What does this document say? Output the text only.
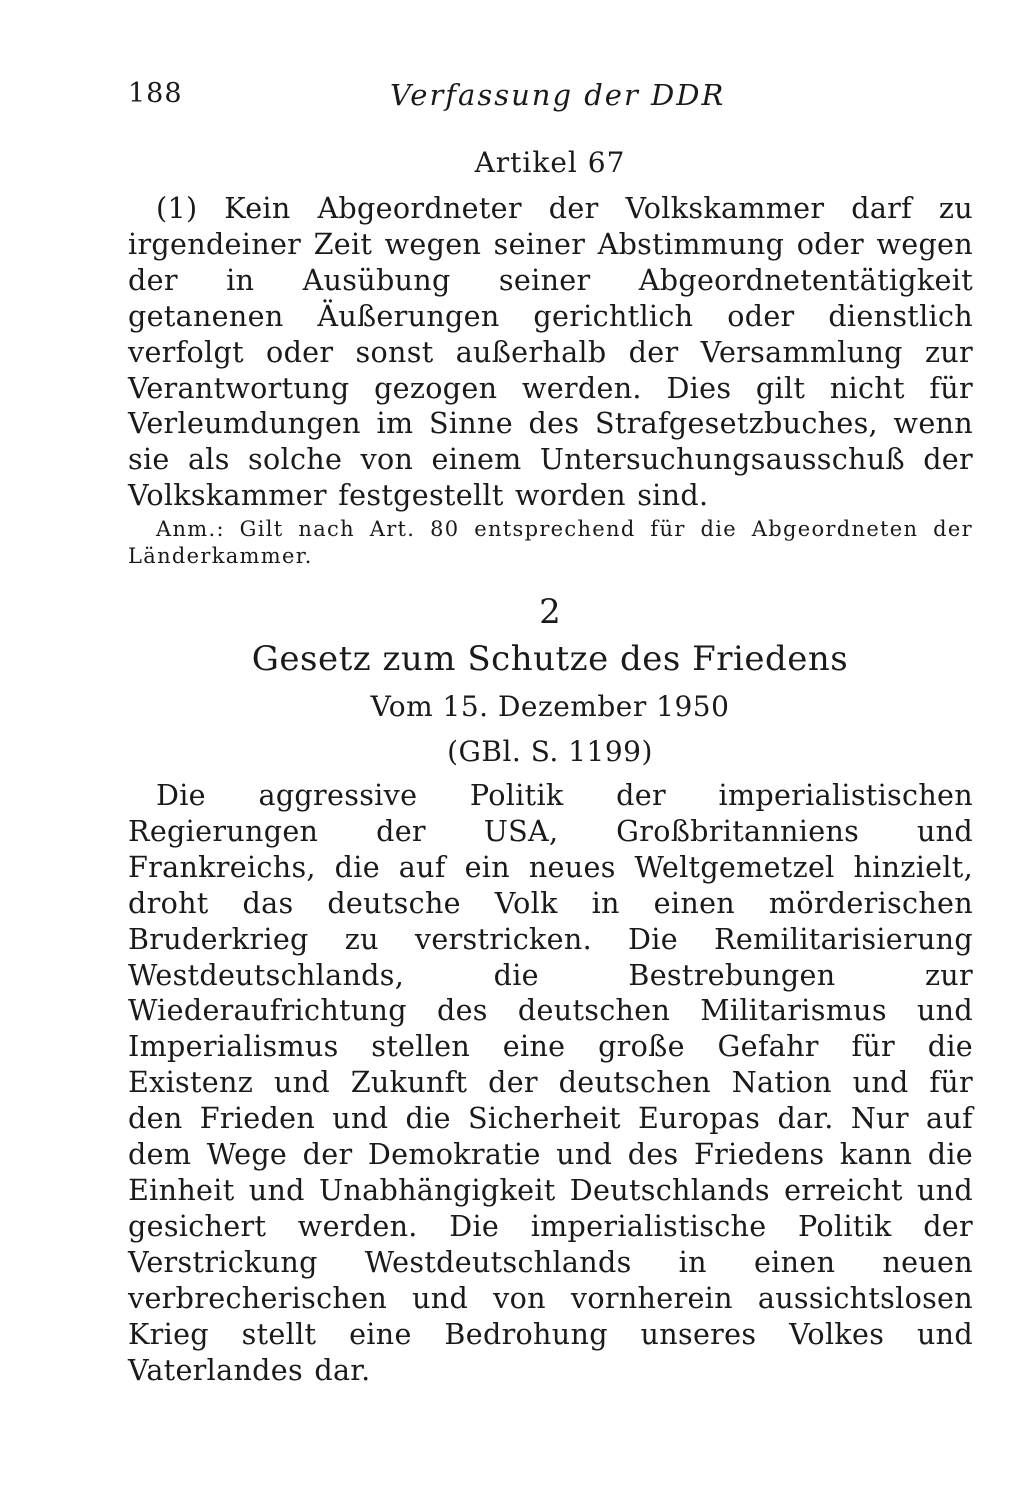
188	Verfassung der DDR
Artikel 67
(1) Kein Abgeordneter der Volkskammer darf zu irgendeiner Zeit wegen seiner Abstimmung oder wegen der in Ausübung seiner Abgeordnetentätigkeit getanenen Äußerungen gerichtlich oder dienstlich verfolgt oder sonst außerhalb der Versammlung zur Verantwortung gezogen werden. Dies gilt nicht für Verleumdungen im Sinne des Strafgesetzbuches, wenn sie als solche von einem Untersuchungsausschuß der Volkskammer festgestellt worden sind.
Anm.: Gilt nach Art. 80 entsprechend für die Abgeordneten der Länderkammer.
2
Gesetz zum Schutze des Friedens
Vom 15. Dezember 1950
(GBl. S. 1199)
Die aggressive Politik der imperialistischen Regierungen der USA, Großbritanniens und Frankreichs, die auf ein neues Weltgemetzel hinzielt, droht das deutsche Volk in einen mörderischen Bruderkrieg zu verstricken. Die Remilitarisierung Westdeutschlands, die Bestrebungen zur Wiederaufrichtung des deutschen Militarismus und Imperialismus stellen eine große Gefahr für die Existenz und Zukunft der deutschen Nation und für den Frieden und die Sicherheit Europas dar. Nur auf dem Wege der Demokratie und des Friedens kann die Einheit und Unabhängigkeit Deutschlands erreicht und gesichert werden. Die imperialistische Politik der Verstrickung Westdeutschlands in einen neuen verbrecherischen und von vornherein aussichtslosen Krieg stellt eine Bedrohung unseres Volkes und Vaterlandes dar.
